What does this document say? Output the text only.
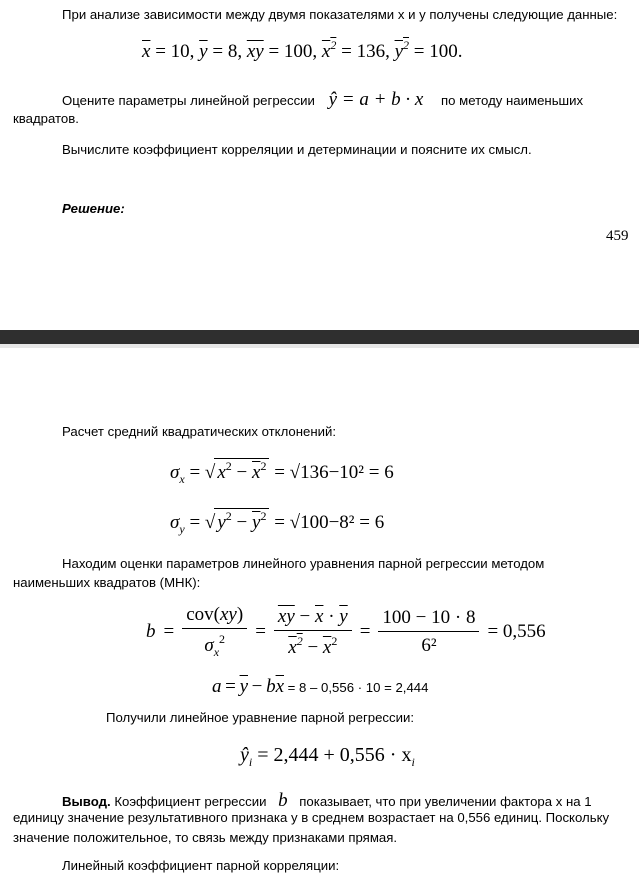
При анализе зависимости между двумя показателями x и y получены следующие данные:
$\overline{x} = 10$, $\overline{y} = 8$, $\overline{xy} = 100$, $x^2 = 136$, $y^2 = 100$.
Оцените параметры линейной регрессии ŷ = a + b · x по методу наименьших
квадратов.
Вычислите коэффициент корреляции и детерминации и поясните их смысл.
Решение:
459
Расчет средний квадратических отклонений:
$\sigma_x$ = √ $x^2 - \overline{x}^2 = √136-10^2 = 6$
$\sigma_y$ = √ $y^2 - \overline{y}^2 = √100-8^2 = 6$
Находим оценки параметров линейного уравнения парной регрессии методом
наименьших квадратов (МНК):
$b = \frac{\text{cov(xy)}}{\sigma_x^2} = \frac{\overline{xy} - \overline{x} \cdot \overline{y}}{x^2 - \overline{x}^2} = \frac{100 - 10 \cdot 8}{\text{6²}} = 0,556$
$a = \overline{y} - b\overline{x} = 8 - 0,556 \cdot 10 = 2,444$
Получили линейное уравнение парной регрессии:
$ŷ_i = 2,444 + 0,556 \cdot x_i$
Вывод. Коэффициент регрессии b показывает, что при увеличении фактора x на 1
единицу значение результативного признака y в среднем возрастает на 0,556 единиц. Поскольку
значение положительное, то связь между признаками прямая.
Линейный коэффициент парной корреляции:
